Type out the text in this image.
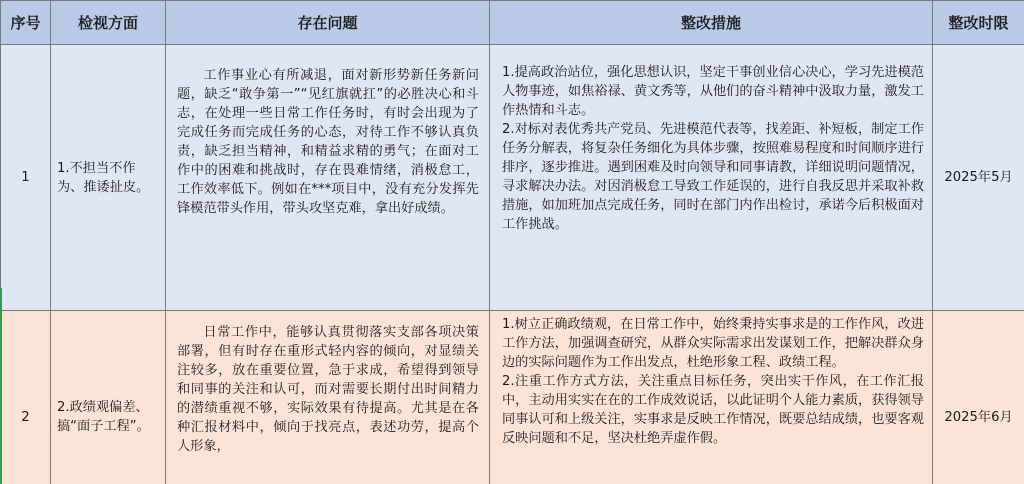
序号	检视方面	存在问题	整改措施	整改时限
1	1.不担当不作为、推诿扯皮。	工作事业心有所减退，面对新形势新任务新问题，缺乏“敢争第一”“见红旗就扛”的必胜决心和斗志，在处理一些日常工作任务时，有时会出现为了完成任务而完成任务的心态，对待工作不够认真负责，缺乏担当精神，和精益求精的勇气；在面对工作中的困难和挑战时，存在畏难情绪，消极怠工，工作效率低下。例如在***项目中，没有充分发挥先锋模范带头作用，带头攻坚克难，拿出好成绩。	1.提高政治站位，强化思想认识，坚定干事创业信心决心，学习先进模范人物事迹，如焦裕禄、黄文秀等，从他们的奋斗精神中汲取力量，激发工作热情和斗志。

2.对标对表优秀共产党员、先进模范代表等，找差距、补短板，制定工作任务分解表，将复杂任务细化为具体步骤，按照难易程度和时间顺序进行排序，逐步推进。遇到困难及时向领导和同事请教，详细说明问题情况，寻求解决办法。对因消极怠工导致工作延误的，进行自我反思并采取补救措施，如加班加点完成任务，同时在部门内作出检讨，承诺今后积极面对工作挑战。	2025年5月
2	2.政绩观偏差、搞“面子工程”。	日常工作中，能够认真贯彻落实支部各项决策部署，但有时存在重形式轻内容的倾向，对显绩关注较多，放在重要位置，急于求成，希望得到领导和同事的关注和认可，而对需要长期付出时间精力的潜绩重视不够，实际效果有待提高。尤其是在各种汇报材料中，倾向于找亮点，表述功劳，提高个人形象，	1.树立正确政绩观，在日常工作中，始终秉持实事求是的工作作风，改进工作方法，加强调查研究，从群众实际需求出发谋划工作，把解决群众身边的实际问题作为工作出发点，杜绝形象工程、政绩工程。

2.注重工作方式方法，关注重点目标任务，突出实干作风，在工作汇报中，主动用实实在在的工作成效说话，以此证明个人能力素质，获得领导同事认可和上级关注，实事求是反映工作情况，既要总结成绩，也要客观反映问题和不足，坚决杜绝弄虚作假。	2025年6月
